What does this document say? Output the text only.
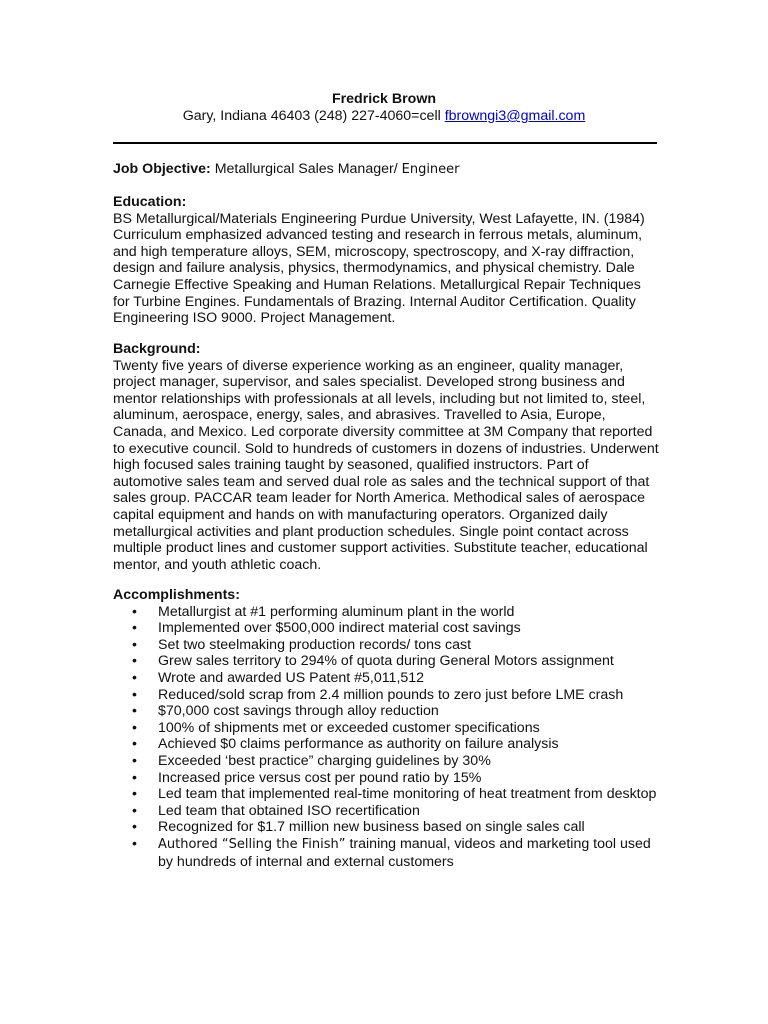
Fredrick Brown
Gary, Indiana 46403 (248) 227-4060=cell fbrowngi3@gmail.com
Job Objective: Metallurgical Sales Manager/ Engineer
Education:

BS Metallurgical/Materials Engineering Purdue University, West Lafayette, IN. (1984) Curriculum emphasized advanced testing and research in ferrous metals, aluminum, and high temperature alloys, SEM, microscopy, spectroscopy, and X-ray diffraction, design and failure analysis, physics, thermodynamics, and physical chemistry. Dale Carnegie Effective Speaking and Human Relations. Metallurgical Repair Techniques for Turbine Engines. Fundamentals of Brazing. Internal Auditor Certification. Quality Engineering ISO 9000. Project Management.

Background:

Twenty five years of diverse experience working as an engineer, quality manager, project manager, supervisor, and sales specialist. Developed strong business and mentor relationships with professionals at all levels, including but not limited to, steel, aluminum, aerospace, energy, sales, and abrasives. Travelled to Asia, Europe, Canada, and Mexico. Led corporate diversity committee at 3M Company that reported to executive council. Sold to hundreds of customers in dozens of industries. Underwent high focused sales training taught by seasoned, qualified instructors. Part of automotive sales team and served dual role as sales and the technical support of that sales group. PACCAR team leader for North America. Methodical sales of aerospace capital equipment and hands on with manufacturing operators. Organized daily metallurgical activities and plant production schedules. Single point contact across multiple product lines and customer support activities. Substitute teacher, educational mentor, and youth athletic coach.

Accomplishments:
• Metallurgist at #1 performing aluminum plant in the world
• Implemented over $500,000 indirect material cost savings
• Set two steelmaking production records/ tons cast
• Grew sales territory to 294% of quota during General Motors assignment
• Wrote and awarded US Patent #5,011,512
• Reduced/sold scrap from 2.4 million pounds to zero just before LME crash
• $70,000 cost savings through alloy reduction
• 100% of shipments met or exceeded customer specifications
• Achieved $0 claims performance as authority on failure analysis
• Exceeded ‘best practice” charging guidelines by 30%
• Increased price versus cost per pound ratio by 15%
• Led team that implemented real-time monitoring of heat treatment from desktop
• Led team that obtained ISO recertification
• Recognized for $1.7 million new business based on single sales call
• Authored “Selling the Finish” training manual, videos and marketing tool used by hundreds of internal and external customers
